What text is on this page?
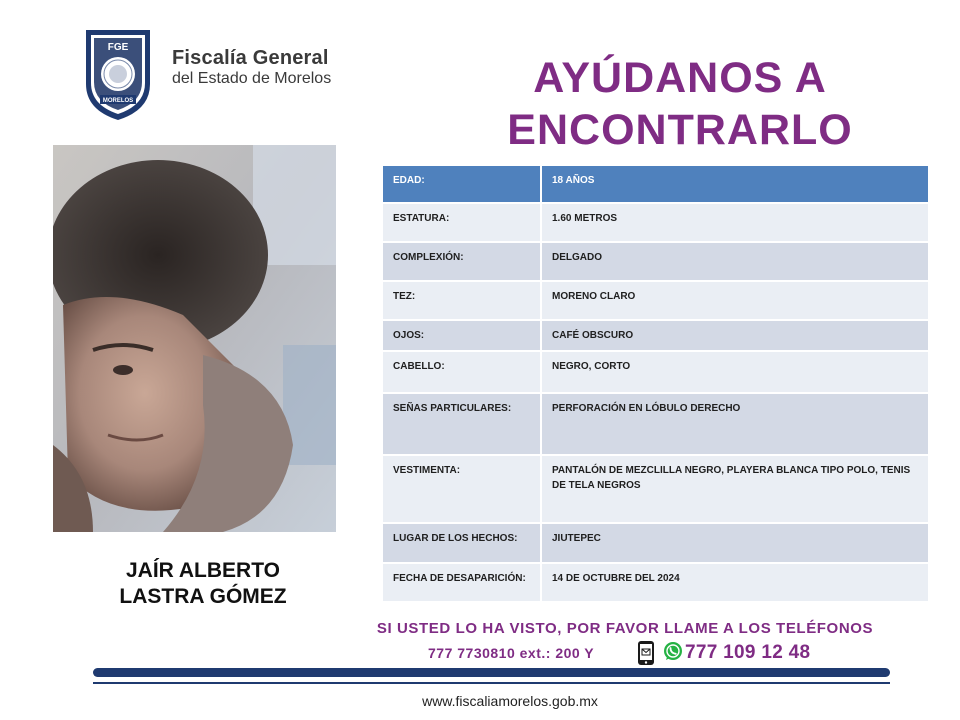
FGE
MORELOS
Fiscalía General
del Estado de Morelos	AYÚDANOS A
ENCONTRARLO
JAÍR ALBERTO
LASTRA GÓMEZ
EDAD:	18 AÑOS
ESTATURA:	1.60 METROS
COMPLEXIÓN:	DELGADO
TEZ:	MORENO CLARO
OJOS:	CAFÉ OBSCURO
CABELLO:	NEGRO, CORTO
SEÑAS PARTICULARES:	PERFORACIÓN EN LÓBULO DERECHO
VESTIMENTA:	PANTALÓN DE MEZCLILLA NEGRO, PLAYERA BLANCA TIPO POLO, TENIS DE TELA NEGROS
LUGAR DE LOS HECHOS:	JIUTEPEC
FECHA DE DESAPARICIÓN:	14 DE OCTUBRE DEL 2024
SI USTED LO HA VISTO, POR FAVOR LLAME A LOS TELÉFONOS
777 7730810 ext.: 200 Y	777 109 12 48
www.fiscaliamorelos.gob.mx
